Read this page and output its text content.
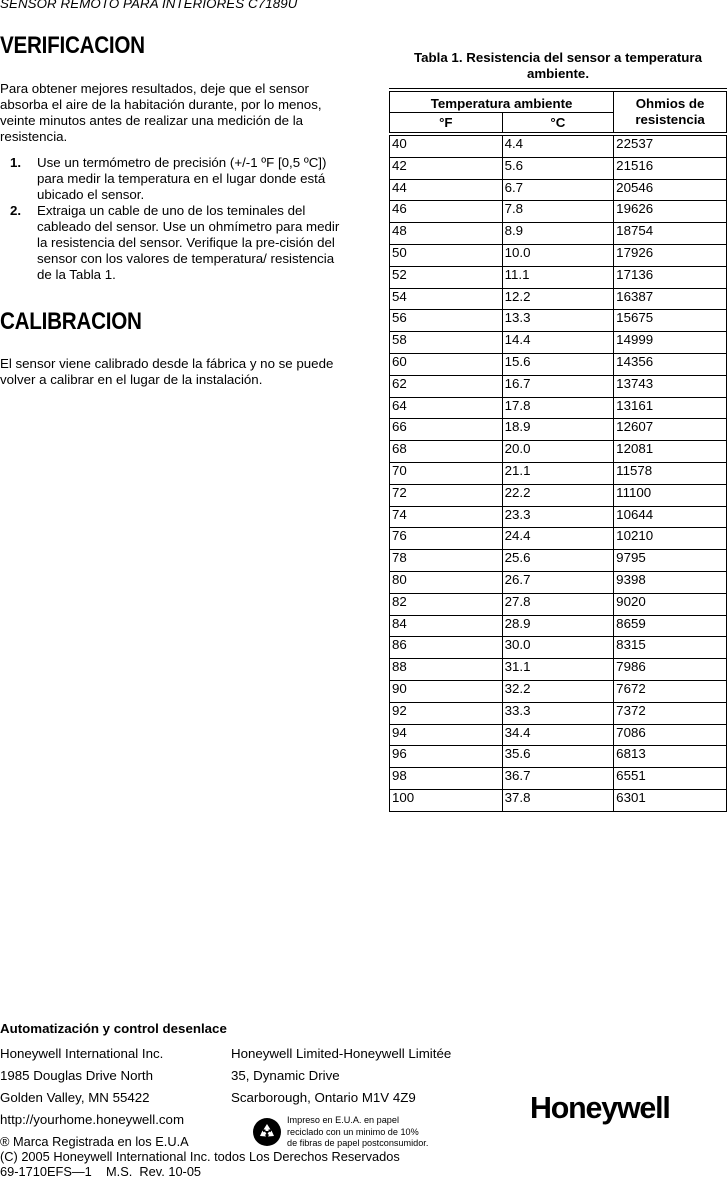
SENSOR REMOTO PARA INTERIORES C7189U
VERIFICACION
Para obtener mejores resultados, deje que el sensor absorba el aire de la habitación durante, por lo menos, veinte minutos antes de realizar una medición de la resistencia.
1.	Use un termómetro de precisión (+/-1 ºF [0,5 ºC]) para medir la temperatura en el lugar donde está ubicado el sensor.
2.	Extraiga un cable de uno de los teminales del cableado del sensor. Use un ohmímetro para medir la resistencia del sensor. Verifique la pre-cisión del sensor con los valores de temperatura/ resistencia de la Tabla 1.
CALIBRACION
El sensor viene calibrado desde la fábrica y no se puede volver a calibrar en el lugar de la instalación.
Tabla 1. Resistencia del sensor a temperatura ambiente.
Temperatura ambiente		Ohmios de resistencia
°F	°C	
40	4.4	22537
42	5.6	21516
44	6.7	20546
46	7.8	19626
48	8.9	18754
50	10.0	17926
52	11.1	17136
54	12.2	16387
56	13.3	15675
58	14.4	14999
60	15.6	14356
62	16.7	13743
64	17.8	13161
66	18.9	12607
68	20.0	12081
70	21.1	11578
72	22.2	11100
74	23.3	10644
76	24.4	10210
78	25.6	9795
80	26.7	9398
82	27.8	9020
84	28.9	8659
86	30.0	8315
88	31.1	7986
90	32.2	7672
92	33.3	7372
94	34.4	7086
96	35.6	6813
98	36.7	6551
100	37.8	6301
Automatización y control desenlace
Honeywell International Inc.
1985 Douglas Drive North
Golden Valley, MN 55422
http://yourhome.honeywell.com
Honeywell Limited-Honeywell Limitée
35, Dynamic Drive
Scarborough, Ontario M1V 4Z9
® Marca Registrada en los E.U.A
(C) 2005 Honeywell International Inc. todos Los Derechos Reservados
69-1710EFS—1    M.S.  Rev. 10-05
Impreso en E.U.A. en papel
reciclado con un minimo de 10%
de fibras de papel postconsumidor.
Honeywell
